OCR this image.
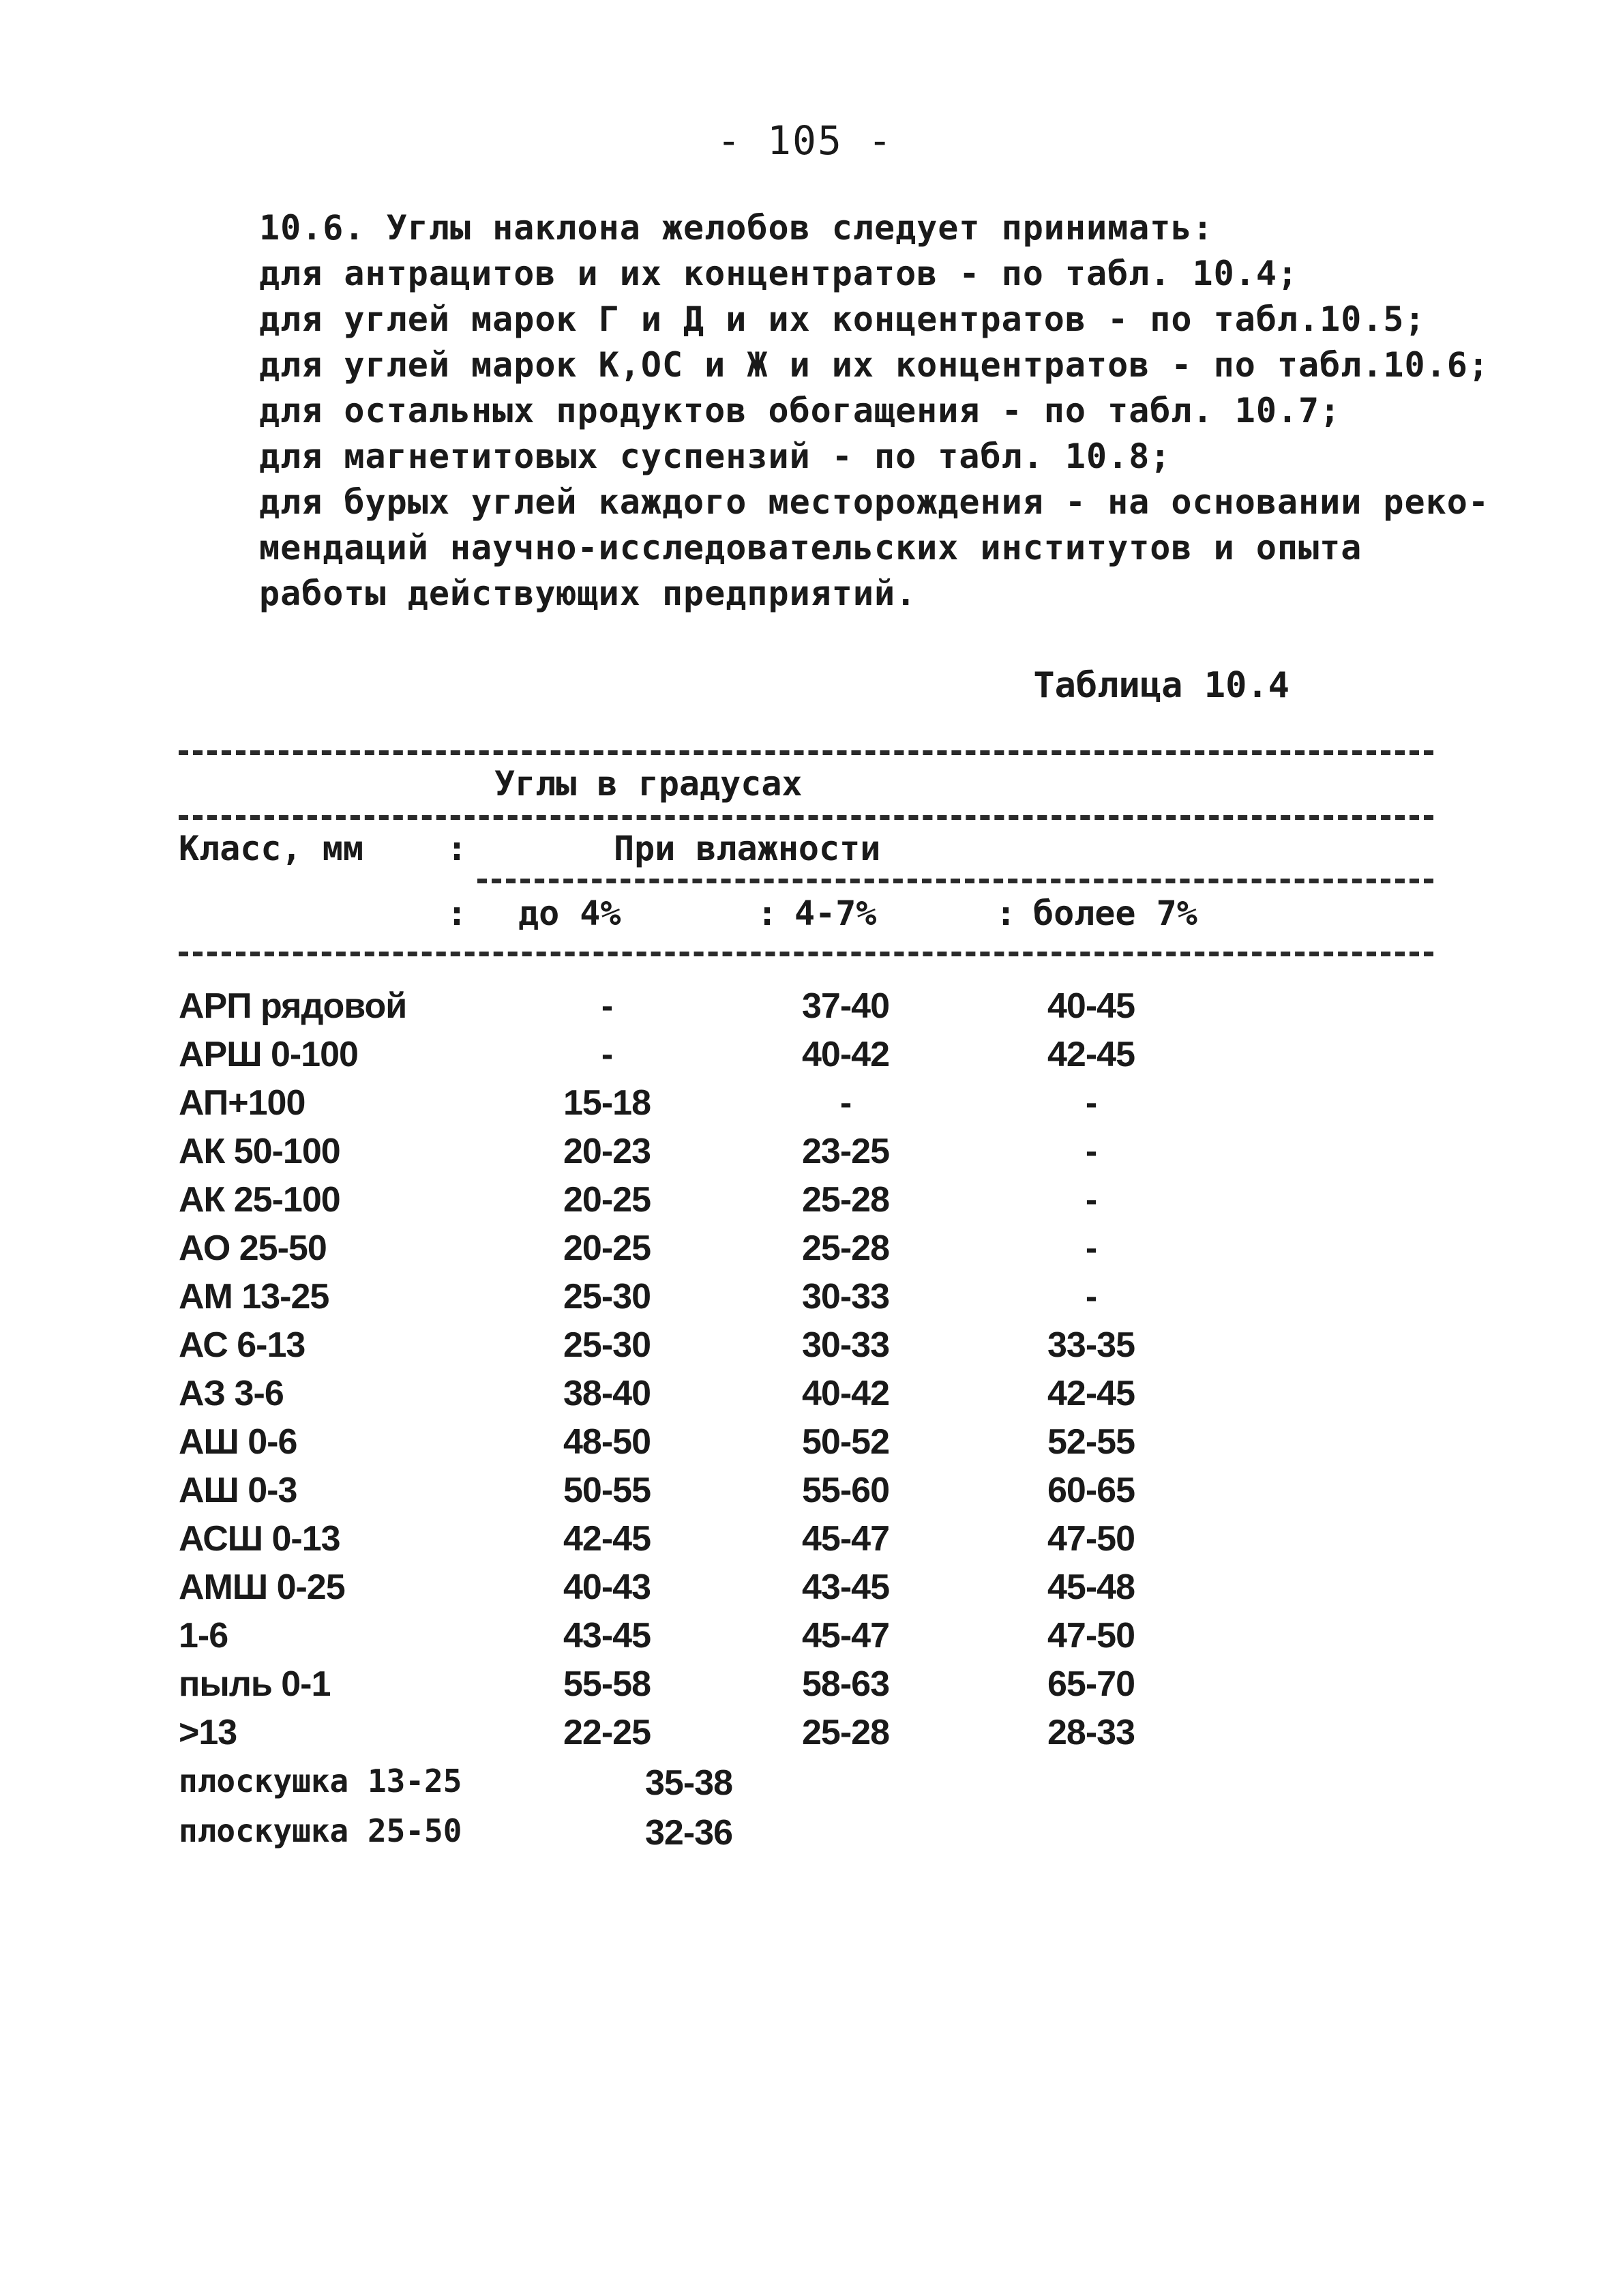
- 105 -
10.6. Углы наклона желобов следует принимать:
для антрацитов и их концентратов - по табл. 10.4;
для углей марок Г и Д и их концентратов - по табл.10.5;
для углей марок К,ОС и Ж и их концентратов - по табл.10.6;
для остальных продуктов обогащения - по табл. 10.7;
для магнетитовых суспензий - по табл. 10.8;
для бурых углей каждого месторождения - на основании реко-
мендаций научно-исследовательских институтов и опыта
работы действующих предприятий.
Таблица 10.4
Углы в градусах
Класс, мм :	При влажности
: до 4%	: 4-7%	: более 7%
АРП рядовой	-	37-40	40-45
АРШ 0-100	-	40-42	42-45
АП+100	15-18	-	-
АК 50-100	20-23	23-25	-
АК 25-100	20-25	25-28	-
АО 25-50	20-25	25-28	-
АМ 13-25	25-30	30-33	-
АС 6-13	25-30	30-33	33-35
АЗ 3-6	38-40	40-42	42-45
АШ 0-6	48-50	50-52	52-55
АШ 0-3	50-55	55-60	60-65
АСШ 0-13	42-45	45-47	47-50
АМШ 0-25	40-43	43-45	45-48
1-6	43-45	45-47	47-50
пыль 0-1	55-58	58-63	65-70
>13	22-25	25-28	28-33
плоскушка 13-25	35-38
плоскушка 25-50	32-36
